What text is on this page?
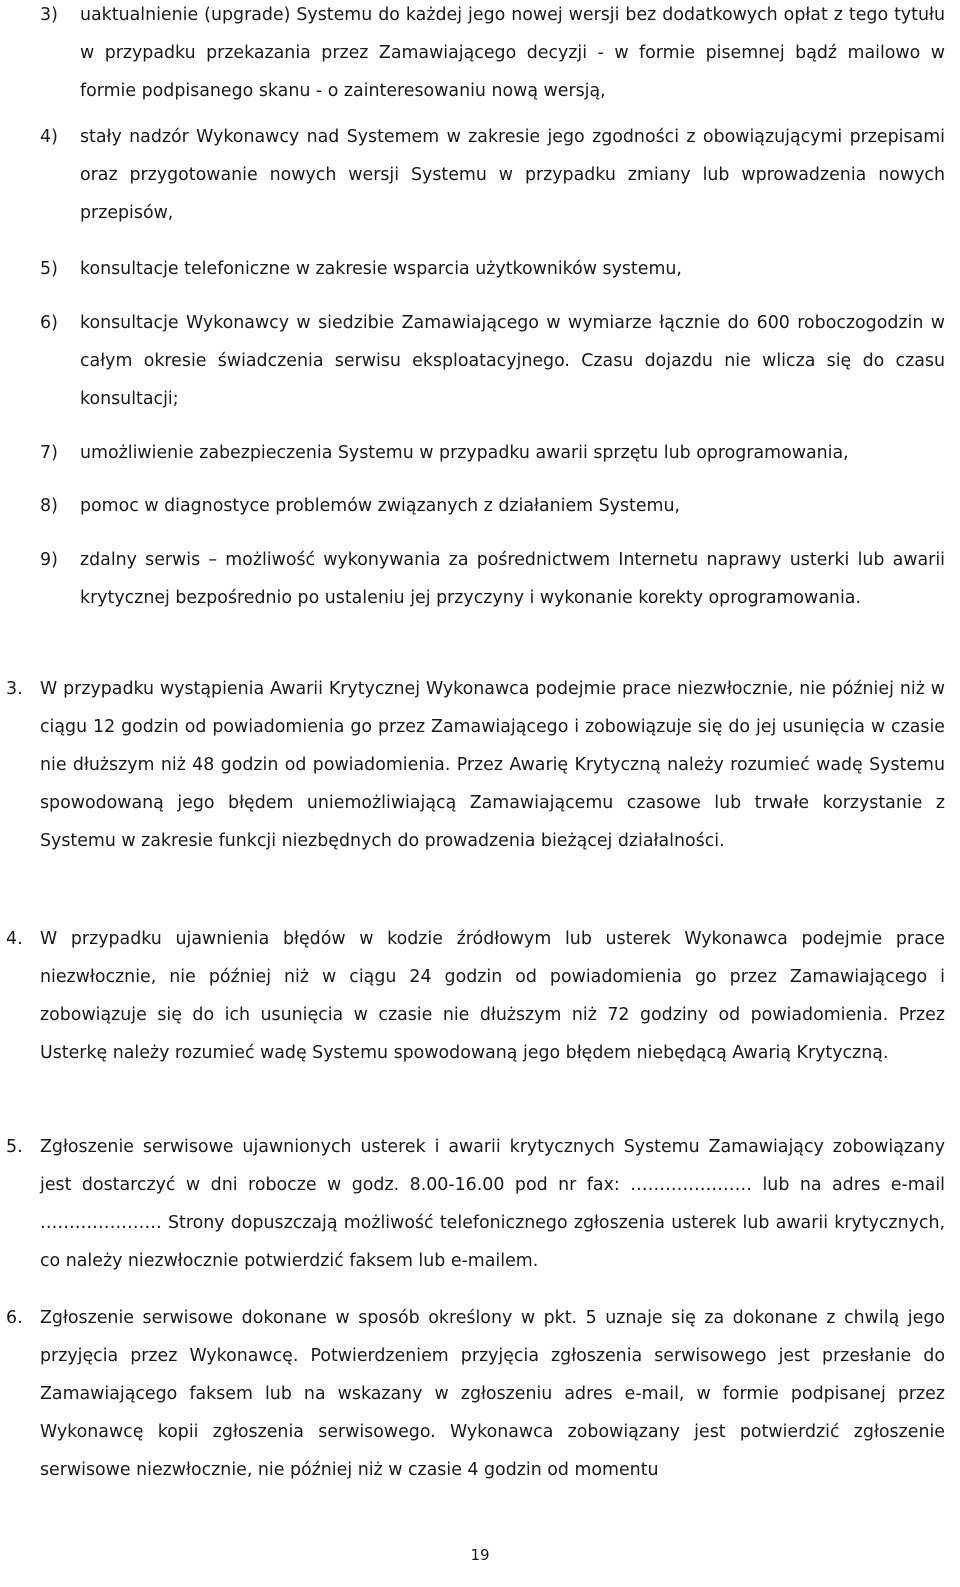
3)	uaktualnienie (upgrade) Systemu do każdej jego nowej wersji bez dodatkowych opłat z tego tytułu w przypadku przekazania przez Zamawiającego decyzji - w formie pisemnej bądź mailowo w formie podpisanego skanu - o zainteresowaniu nową wersją,
4)	stały nadzór Wykonawcy nad Systemem w zakresie jego zgodności z obowiązującymi przepisami oraz przygotowanie nowych wersji Systemu w przypadku zmiany lub wprowadzenia nowych przepisów,
5)	konsultacje telefoniczne w zakresie wsparcia użytkowników systemu,
6)	konsultacje Wykonawcy w siedzibie Zamawiającego w wymiarze łącznie do 600 roboczogodzin w całym okresie świadczenia serwisu eksploatacyjnego. Czasu dojazdu nie wlicza się do czasu konsultacji;
7)	umożliwienie zabezpieczenia Systemu w przypadku awarii sprzętu lub oprogramowania,
8)	pomoc w diagnostyce problemów związanych z działaniem Systemu,
9)	zdalny serwis – możliwość wykonywania za pośrednictwem Internetu naprawy usterki lub awarii krytycznej bezpośrednio po ustaleniu jej przyczyny i wykonanie korekty oprogramowania.
3.	W przypadku wystąpienia Awarii Krytycznej Wykonawca podejmie prace niezwłocznie, nie później niż w ciągu 12 godzin od powiadomienia go przez Zamawiającego i zobowiązuje się do jej usunięcia w czasie nie dłuższym niż 48 godzin od powiadomienia. Przez Awarię Krytyczną należy rozumieć wadę Systemu spowodowaną jego błędem uniemożliwiającą Zamawiającemu czasowe lub trwałe korzystanie z Systemu w zakresie funkcji niezbędnych do prowadzenia bieżącej działalności.
4.	W przypadku ujawnienia błędów w kodzie źródłowym lub usterek Wykonawca podejmie prace niezwłocznie, nie później niż w ciągu 24 godzin od powiadomienia go przez Zamawiającego i zobowiązuje się do ich usunięcia w czasie nie dłuższym niż 72 godziny od powiadomienia. Przez Usterkę należy rozumieć wadę Systemu spowodowaną jego błędem niebędącą Awarią Krytyczną.
5.	Zgłoszenie serwisowe ujawnionych usterek i awarii krytycznych Systemu Zamawiający zobowiązany jest dostarczyć w dni robocze w godz. 8.00-16.00 pod nr fax: ………………… lub na adres e-mail ………………… Strony dopuszczają możliwość telefonicznego zgłoszenia usterek lub awarii krytycznych, co należy niezwłocznie potwierdzić faksem lub e-mailem.
6.	Zgłoszenie serwisowe dokonane w sposób określony w pkt. 5 uznaje się za dokonane z chwilą jego przyjęcia przez Wykonawcę. Potwierdzeniem przyjęcia zgłoszenia serwisowego jest przesłanie do Zamawiającego faksem lub na wskazany w zgłoszeniu adres e-mail, w formie podpisanej przez Wykonawcę kopii zgłoszenia serwisowego. Wykonawca zobowiązany jest potwierdzić zgłoszenie serwisowe niezwłocznie, nie później niż w czasie 4 godzin od momentu
19
